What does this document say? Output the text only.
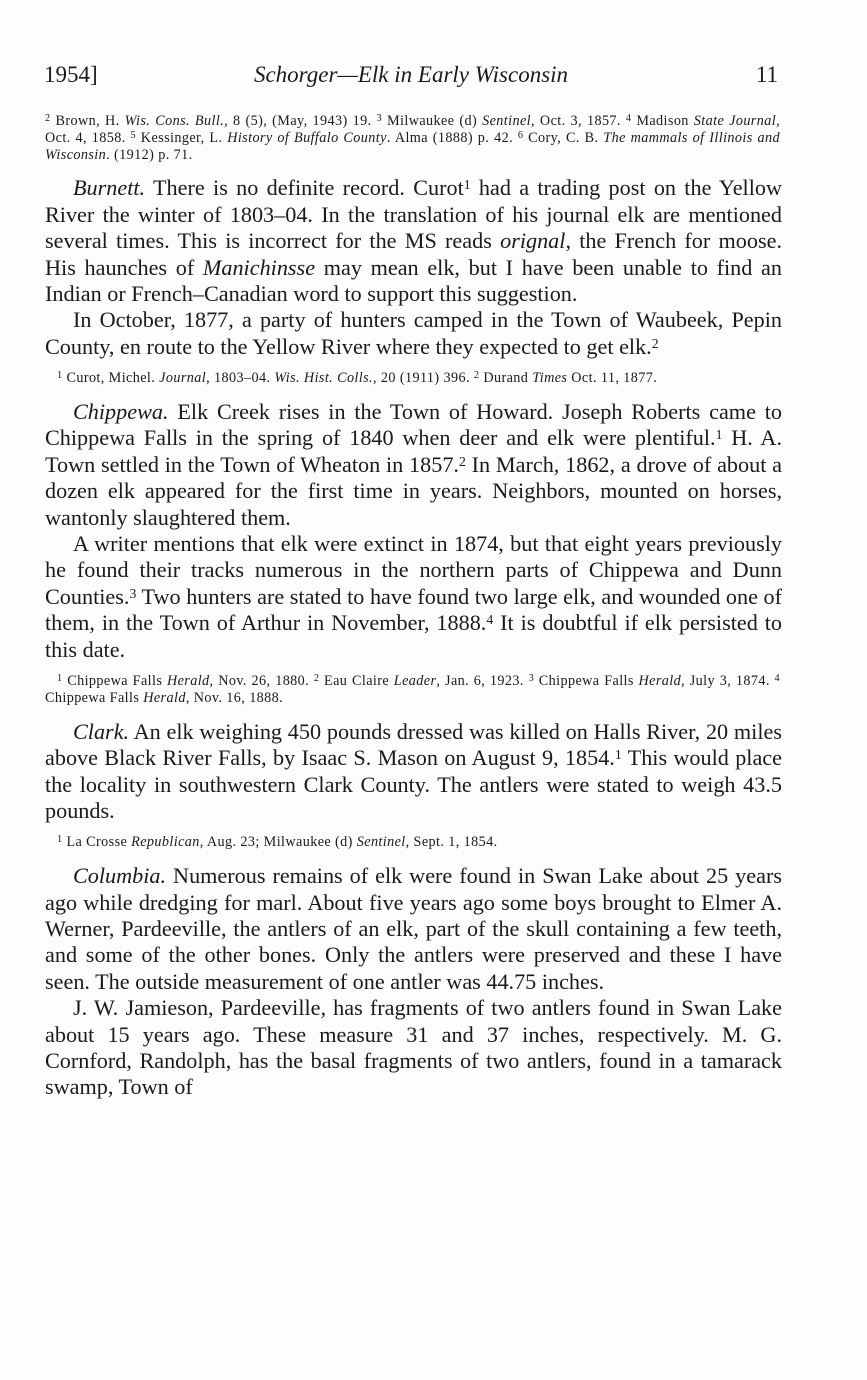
1954]	Schorger—Elk in Early Wisconsin	11

$^2$ Brown, H. Wis. Cons. Bull., 8 (5), (May, 1943) 19. $^3$ Milwaukee (d) Sentinel, Oct. 3, 1857. $^4$ Madison State Journal, Oct. 4, 1858. $^5$ Kessinger, L. History of Buffalo County. Alma (1888) p. 42. $^6$ Cory, C. B. The mammals of Illinois and Wisconsin. (1912) p. 71.

Burnett. There is no definite record. Curot$^1$ had a trading post on the Yellow River the winter of 1803–04. In the translation of his journal elk are mentioned several times. This is incorrect for the MS reads orignal, the French for moose. His haunches of Manichinsse may mean elk, but I have been unable to find an Indian or French–Canadian word to support this suggestion.

In October, 1877, a party of hunters camped in the Town of Waubeek, Pepin County, en route to the Yellow River where they expected to get elk.$^2$

$^1$ Curot, Michel. Journal, 1803–04. Wis. Hist. Colls., 20 (1911) 396. $^2$ Durand Times Oct. 11, 1877.

Chippewa. Elk Creek rises in the Town of Howard. Joseph Roberts came to Chippewa Falls in the spring of 1840 when deer and elk were plentiful.$^1$ H. A. Town settled in the Town of Wheaton in 1857.$^2$ In March, 1862, a drove of about a dozen elk appeared for the first time in years. Neighbors, mounted on horses, wantonly slaughtered them.

A writer mentions that elk were extinct in 1874, but that eight years previously he found their tracks numerous in the northern parts of Chippewa and Dunn Counties.$^3$ Two hunters are stated to have found two large elk, and wounded one of them, in the Town of Arthur in November, 1888.$^4$ It is doubtful if elk persisted to this date.

$^1$ Chippewa Falls Herald, Nov. 26, 1880. $^2$ Eau Claire Leader, Jan. 6, 1923. $^3$ Chippewa Falls Herald, July 3, 1874. $^4$ Chippewa Falls Herald, Nov. 16, 1888.

Clark. An elk weighing 450 pounds dressed was killed on Halls River, 20 miles above Black River Falls, by Isaac S. Mason on August 9, 1854.$^1$ This would place the locality in southwestern Clark County. The antlers were stated to weigh 43.5 pounds.

$^1$ La Crosse Republican, Aug. 23; Milwaukee (d) Sentinel, Sept. 1, 1854.

Columbia. Numerous remains of elk were found in Swan Lake about 25 years ago while dredging for marl. About five years ago some boys brought to Elmer A. Werner, Pardeeville, the antlers of an elk, part of the skull containing a few teeth, and some of the other bones. Only the antlers were preserved and these I have seen. The outside measurement of one antler was 44.75 inches.

J. W. Jamieson, Pardeeville, has fragments of two antlers found in Swan Lake about 15 years ago. These measure 31 and 37 inches, respectively. M. G. Cornford, Randolph, has the basal fragments of two antlers, found in a tamarack swamp, Town of
